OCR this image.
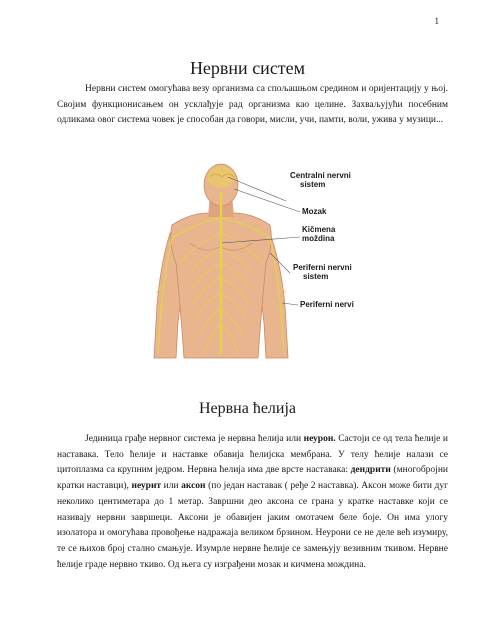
1
Нервни систем

Нервни систем омогућава везу организма са спољашњом средином и оријентацију у њој. Својим функционисањем он усклађује рад организма као целине. Захваљујући посебним одликама овог система човек је способан да говори, мисли, учи, памти, воли, ужива у музици...

Centralni nervni
sistem
Mozak
Kičmena
moždina
Periferni nervni
sistem
Periferni nervi
Нервна ћелија

Јединица грађе нервног система је нервна ћелија или неурон. Састоји се од тела ћелије и наставака. Тело ћелије и наставке обавија ћелијска мембрана. У телу ћелије налази се цитоплазма са крупним једром. Нервна ћелија има две врсте наставака: дендрити (многобројни кратки наставци), неурит или аксон (по један наставак ( ређе 2 наставка). Аксон може бити дуг неколико центиметара до 1 метар. Завршни део аксона се грана у кратке наставке који се називају нервни завршеци. Аксони је обавијен јаким омотачем беле боје. Он има улогу изолатора и омогућава провођење надражаја великом брзином. Неурони се не деле већ изумиру, те се њихов број стално смањује. Изумрле нервне ћелије се замењују везивним ткивом. Нервне ћелије граде нервно ткиво. Од њега су изграђени мозак и кичмена мождина.
